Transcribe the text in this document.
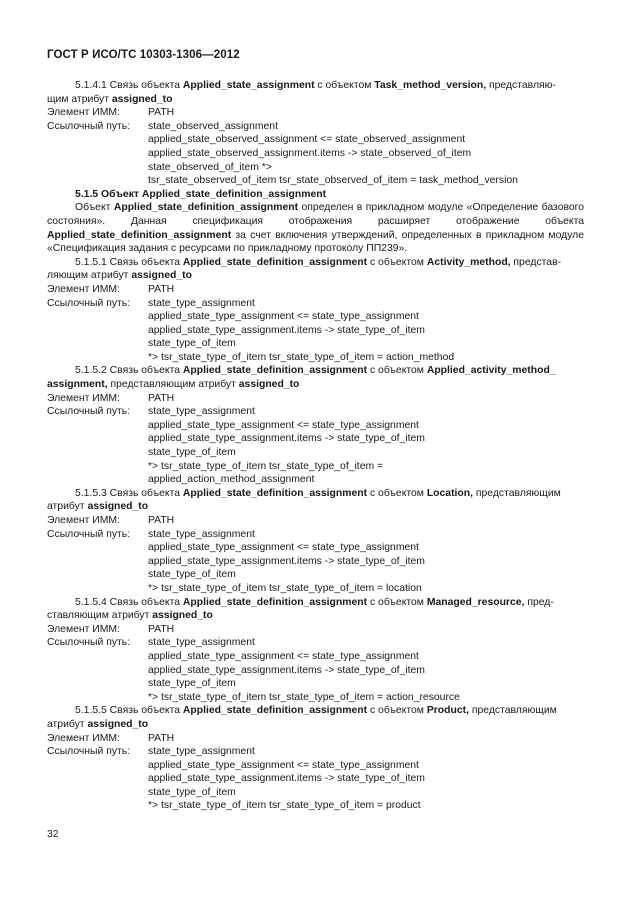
ГОСТ Р ИСО/ТС 10303-1306—2012

5.1.4.1 Связь объекта Applied_state_assignment с объектом Task_method_version, представляю-

щим атрибут assigned_to

Элемент ИММ:	PATH
Ссылочный путь:	state_observed_assignment

applied_state_observed_assignment <= state_observed_assignment

applied_state_observed_assignment.items -> state_observed_of_item

state_observed_of_item *>

tsr_state_observed_of_item tsr_state_observed_of_item = task_method_version

5.1.5 Объект Applied_state_definition_assignment

Объект Applied_state_definition_assignment определен в прикладном модуле «Определение базового состояния». Данная спецификация отображения расширяет отображение объекта Applied_state_definition_assignment за счет включения утверждений, определенных в прикладном модуле «Спецификация задания с ресурсами по прикладному протоколу ПП239».

5.1.5.1 Связь объекта Applied_state_definition_assignment с объектом Activity_method, представ-

ляющим атрибут assigned_to

Элемент ИММ:	PATH
Ссылочный путь:	state_type_assignment

applied_state_type_assignment <= state_type_assignment

applied_state_type_assignment.items -> state_type_of_item

state_type_of_item

*> tsr_state_type_of_item tsr_state_type_of_item = action_method

5.1.5.2 Связь объекта Applied_state_definition_assignment с объектом Applied_activity_method_

assignment, представляющим атрибут assigned_to

Элемент ИММ:	PATH
Ссылочный путь:	state_type_assignment

applied_state_type_assignment <= state_type_assignment

applied_state_type_assignment.items -> state_type_of_item

state_type_of_item

*> tsr_state_type_of_item tsr_state_type_of_item =

applied_action_method_assignment

5.1.5.3 Связь объекта Applied_state_definition_assignment с объектом Location, представляющим

атрибут assigned_to

Элемент ИММ:	PATH
Ссылочный путь:	state_type_assignment

applied_state_type_assignment <= state_type_assignment

applied_state_type_assignment.items -> state_type_of_item

state_type_of_item

*> tsr_state_type_of_item tsr_state_type_of_item = location

5.1.5.4 Связь объекта Applied_state_definition_assignment с объектом Managed_resource, пред-

ставляющим атрибут assigned_to

Элемент ИММ:	PATH
Ссылочный путь:	state_type_assignment

applied_state_type_assignment <= state_type_assignment

applied_state_type_assignment.items -> state_type_of_item

state_type_of_item

*> tsr_state_type_of_item tsr_state_type_of_item = action_resource

5.1.5.5 Связь объекта Applied_state_definition_assignment с объектом Product, представляющим

атрибут assigned_to

Элемент ИММ:	PATH
Ссылочный путь:	state_type_assignment

applied_state_type_assignment <= state_type_assignment

applied_state_type_assignment.items -> state_type_of_item

state_type_of_item

*> tsr_state_type_of_item tsr_state_type_of_item = product

32
